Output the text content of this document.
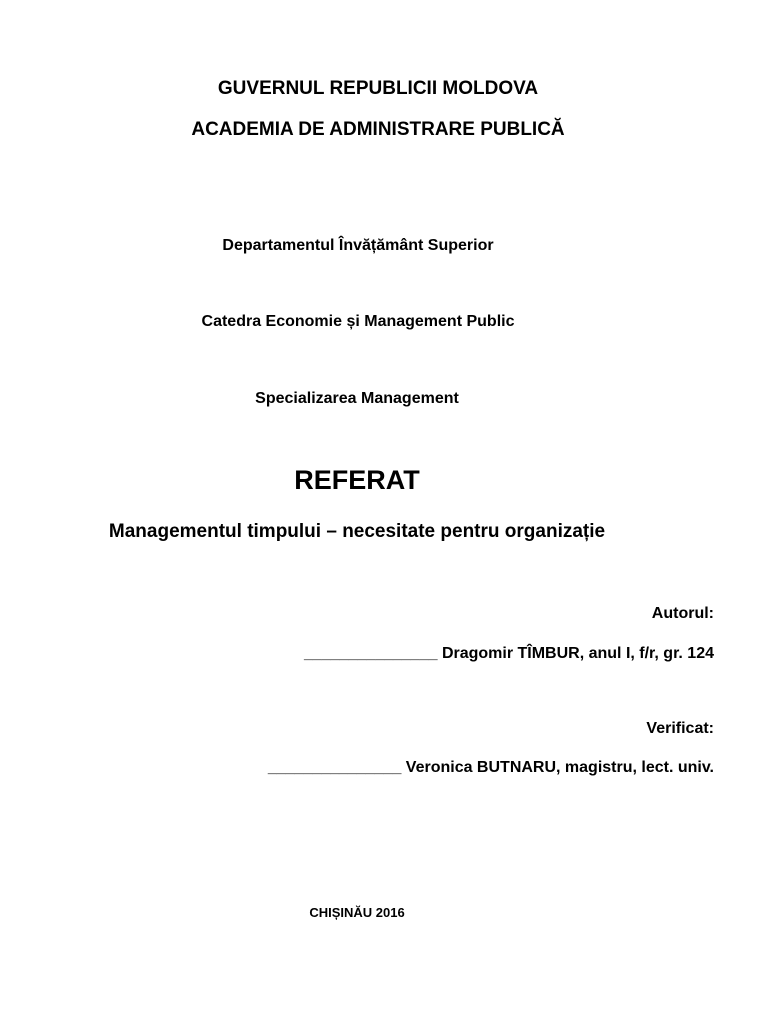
GUVERNUL REPUBLICII MOLDOVA
ACADEMIA DE ADMINISTRARE PUBLICĂ
Departamentul Învățământ Superior
Catedra Economie și Management Public
Specializarea Management
REFERAT
Managementul timpului – necesitate pentru organizație
Autorul:
_______________ Dragomir TÎMBUR, anul I, f/r, gr. 124
Verificat:
_______________ Veronica BUTNARU, magistru, lect. univ.
CHIȘINĂU 2016
